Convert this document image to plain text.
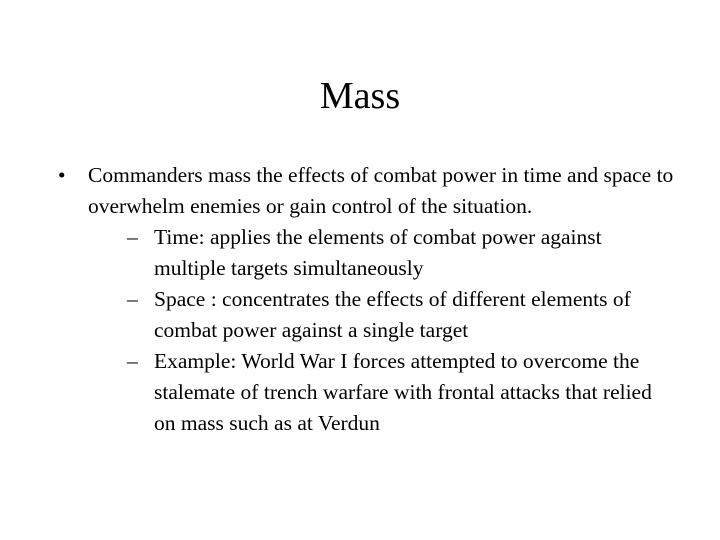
Mass
• Commanders mass the effects of combat power in time and space to overwhelm enemies or gain control of the situation.
– Time: applies the elements of combat power against multiple targets simultaneously
– Space : concentrates the effects of different elements of combat power against a single target
– Example: World War I forces attempted to overcome the stalemate of trench warfare with frontal attacks that relied on mass such as at Verdun
